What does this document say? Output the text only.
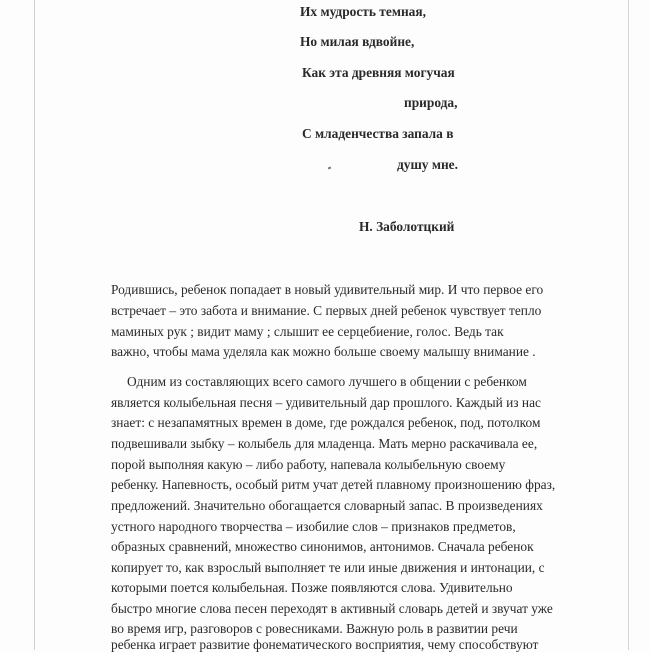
Их мудрость темная,
Но милая вдвойне,
Как эта древняя могучая
природа,
С младенчества запала в
душу мне.
Н. Заболотцкий
Родившись, ребенок попадает в новый удивительный мир. И что первое его
встречает – это забота и внимание. С первых дней ребенок чувствует тепло
маминых рук ; видит маму ; слышит ее серцебиение, голос. Ведь так
важно, чтобы мама уделяла как можно больше своему малышу внимание .
Одним из составляющих всего самого лучшего в общении с ребенком
является колыбельная песня – удивительный дар прошлого. Каждый из нас
знает: с незапамятных времен в доме, где рождался ребенок, под, потолком
подвешивали зыбку – колыбель для младенца. Мать мерно раскачивала ее,
порой выполняя какую – либо работу, напевала колыбельную своему
ребенку. Напевность, особый ритм учат детей плавному произношению фраз,
предложений. Значительно обогащается словарный запас. В произведениях
устного народного творчества – изобилие слов – признаков предметов,
образных сравнений, множество синонимов, антонимов. Сначала ребенок
копирует то, как взрослый выполняет те или иные движения и интонации, с
которыми поется колыбельная. Позже появляются слова. Удивительно
быстро многие слова песен переходят в активный словарь детей и звучат уже
во время игр, разговоров с ровесниками. Важную роль в развитии речи
ребенка играет развитие фонематического восприятия, чему способствуют
